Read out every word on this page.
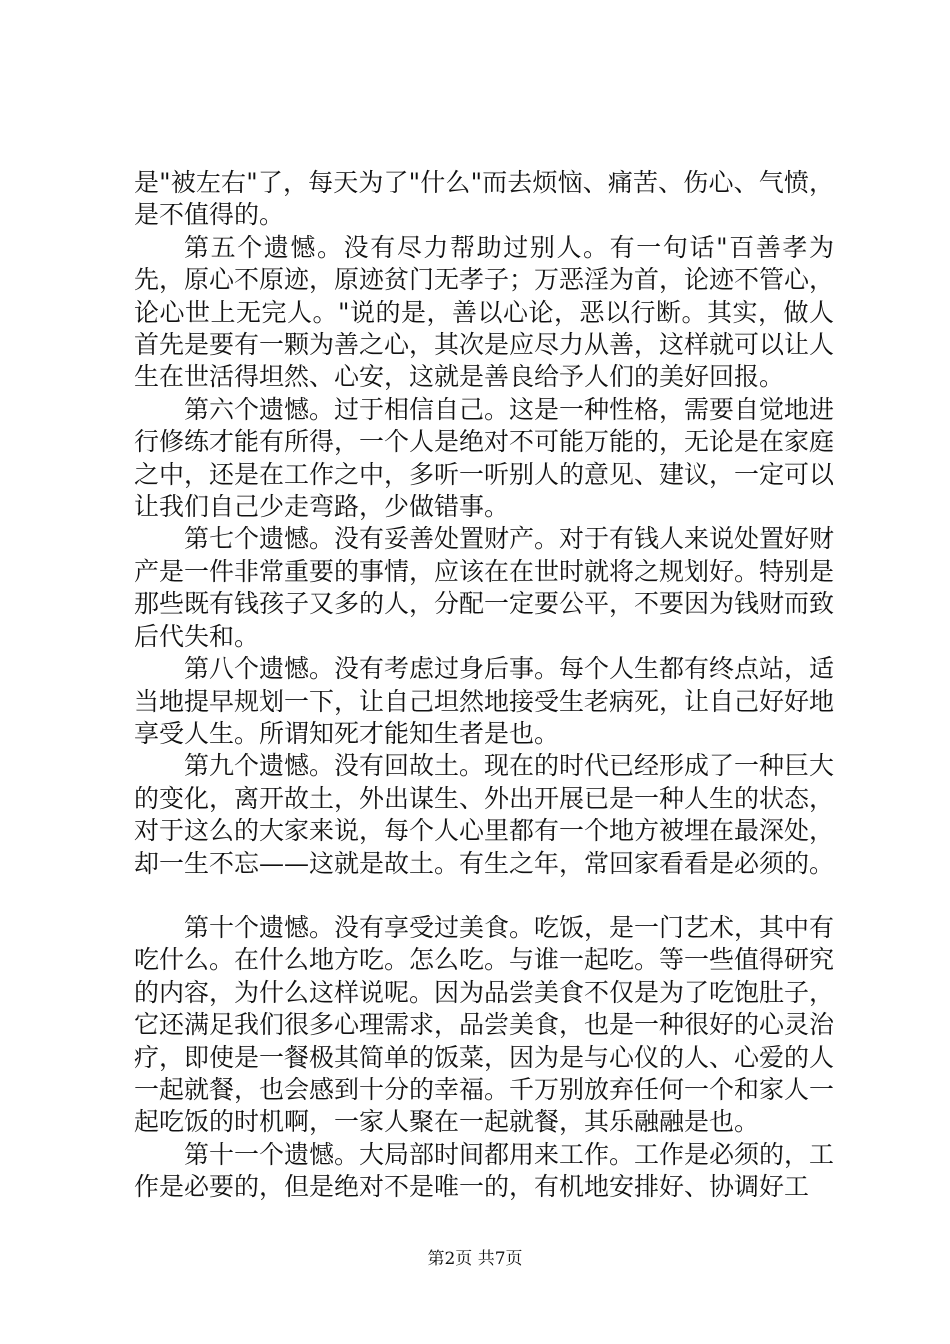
是"被左右"了，每天为了"什么"而去烦恼、痛苦、伤心、气愤，是不值得的。

第五个遗憾。没有尽力帮助过别人。有一句话"百善孝为先，原心不原迹，原迹贫门无孝子；万恶淫为首，论迹不管心，论心世上无完人。"说的是，善以心论，恶以行断。其实，做人首先是要有一颗为善之心，其次是应尽力从善，这样就可以让人生在世活得坦然、心安，这就是善良给予人们的美好回报。

第六个遗憾。过于相信自己。这是一种性格，需要自觉地进行修练才能有所得，一个人是绝对不可能万能的，无论是在家庭之中，还是在工作之中，多听一听别人的意见、建议，一定可以让我们自己少走弯路，少做错事。

第七个遗憾。没有妥善处置财产。对于有钱人来说处置好财产是一件非常重要的事情，应该在在世时就将之规划好。特别是那些既有钱孩子又多的人，分配一定要公平，不要因为钱财而致后代失和。

第八个遗憾。没有考虑过身后事。每个人生都有终点站，适当地提早规划一下，让自己坦然地接受生老病死，让自己好好地享受人生。所谓知死才能知生者是也。

第九个遗憾。没有回故土。现在的时代已经形成了一种巨大的变化，离开故土，外出谋生、外出开展已是一种人生的状态，对于这么的大家来说，每个人心里都有一个地方被埋在最深处，却一生不忘——这就是故土。有生之年，常回家看看是必须的。

第十个遗憾。没有享受过美食。吃饭，是一门艺术，其中有吃什么。在什么地方吃。怎么吃。与谁一起吃。等一些值得研究的内容，为什么这样说呢。因为品尝美食不仅是为了吃饱肚子，它还满足我们很多心理需求，品尝美食，也是一种很好的心灵治疗，即使是一餐极其简单的饭菜，因为是与心仪的人、心爱的人一起就餐，也会感到十分的幸福。千万别放弃任何一个和家人一起吃饭的时机啊，一家人聚在一起就餐，其乐融融是也。

第十一个遗憾。大局部时间都用来工作。工作是必须的，工作是必要的，但是绝对不是唯一的，有机地安排好、协调好工

第2页 共7页
